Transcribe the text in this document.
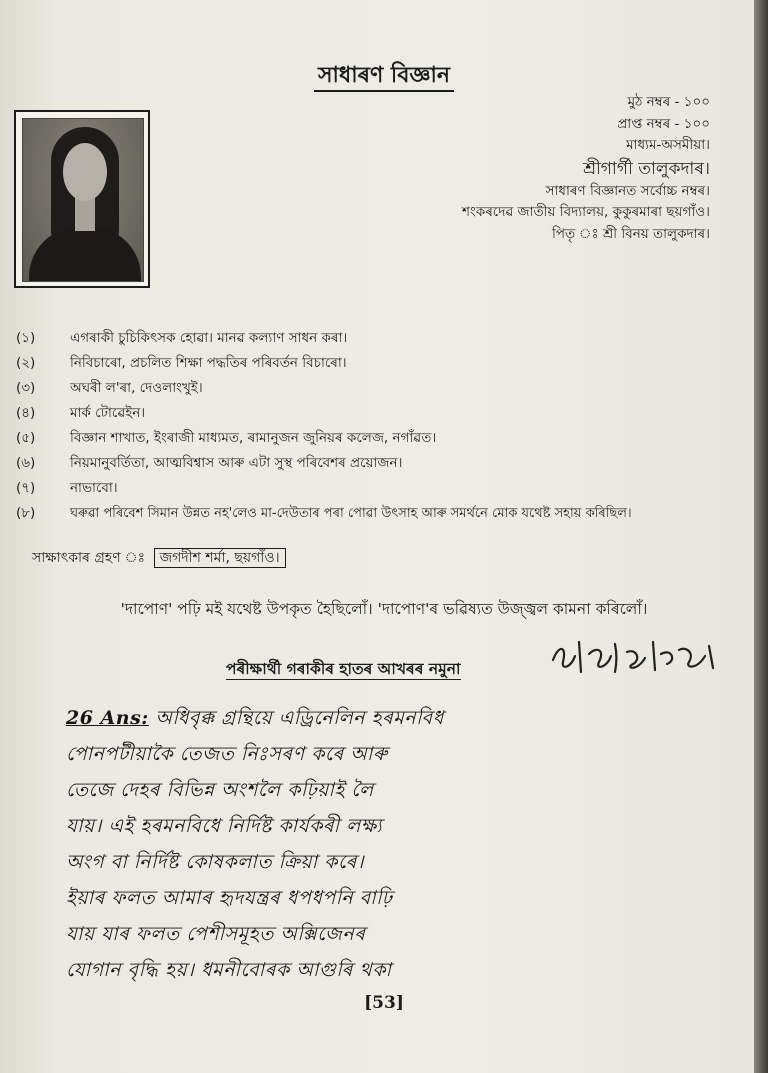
সাধাৰণ বিজ্ঞান
মুঠ নম্বৰ - ১০০
প্ৰাপ্ত নম্বৰ - ১০০
মাধ্যম-অসমীয়া।
শ্ৰীগাৰ্গী তালুকদাৰ।
সাধাৰণ বিজ্ঞানত সৰ্বোচ্চ নম্বৰ।
শংকৰদেৱ জাতীয় বিদ্যালয়, কুকুৰমাৰা ছয়গাঁও।
পিতৃ ঃ শ্ৰী বিনয় তালুকদাৰ।
(১)	এগৰাকী চুচিকিৎসক হোৱা। মানৱ কল্যাণ সাধন কৰা।
(২)	নিবিচাৰো, প্ৰচলিত শিক্ষা পদ্ধতিৰ পৰিবৰ্তন বিচাৰো।
(৩)	অঘৰী ল'ৰা, দেওলাংখুই।
(৪)	মাৰ্ক টোৱেইন।
(৫)	বিজ্ঞান শাখাত, ইংৰাজী মাধ্যমত, ৰামানুজন জুনিয়ৰ কলেজ, নগাঁৱত।
(৬)	নিয়মানুবৰ্তিতা, আত্মবিশ্বাস আৰু এটা সুস্থ পৰিবেশৰ প্ৰয়োজন।
(৭)	নাভাবো।
(৮)	ঘৰুৱা পৰিবেশ সিমান উন্নত নহ'লেও মা-দেউতাৰ পৰা পোৱা উৎসাহ আৰু সমৰ্থনে মোক যথেষ্ট সহায় কৰিছিল।
সাক্ষাৎকাৰ গ্ৰহণ ঃ জগদীশ শৰ্মা, ছয়গাঁও।
'দাপোণ' পঢ়ি মই যথেষ্ট উপকৃত হৈছিলোঁ। 'দাপোণ'ৰ ভৱিষ্যত উজ্জ্বল কামনা কৰিলোঁ।
পৰীক্ষাৰ্থী গৰাকীৰ হাতৰ আখৰৰ নমুনা
26 Ans: অধিবৃক্ক গ্ৰন্থিয়ে এড্ৰিনেলিন হৰমনবিধ
পোনপটীয়াকৈ তেজত নিঃসৰণ কৰে আৰু
তেজে দেহৰ বিভিন্ন অংশলৈ কঢ়িয়াই লৈ
যায়। এই হৰমনবিধে নিৰ্দিষ্ট কাৰ্যকৰী লক্ষ্য
অংগ বা নিৰ্দিষ্ট কোষকলাত ক্ৰিয়া কৰে।
ইয়াৰ ফলত আমাৰ হৃদযন্ত্ৰৰ ধপধপনি বাঢ়ি
যায় যাৰ ফলত পেশীসমূহত অক্সিজেনৰ
যোগান বৃদ্ধি হয়। ধমনীবোৰক আগুৰি থকা
[53]
